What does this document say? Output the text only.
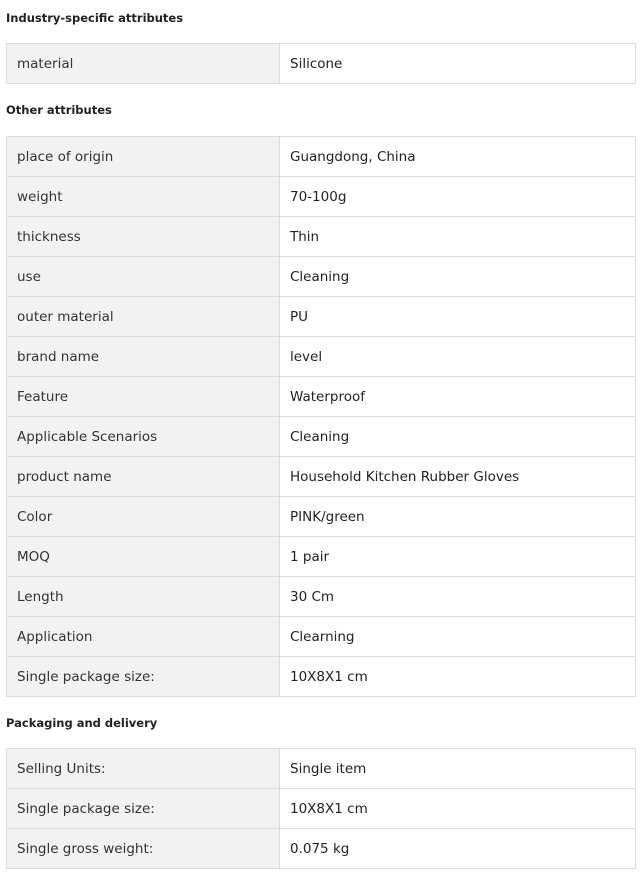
Industry-specific attributes
material	Silicone
Other attributes
place of origin	Guangdong, China
weight	70-100g
thickness	Thin
use	Cleaning
outer material	PU
brand name	level
Feature	Waterproof
Applicable Scenarios	Cleaning
product name	Household Kitchen Rubber Gloves
Color	PINK/green
MOQ	1 pair
Length	30 Cm
Application	Clearning
Single package size:	10X8X1 cm
Packaging and delivery
Selling Units:	Single item
Single package size:	10X8X1 cm
Single gross weight:	0.075 kg
